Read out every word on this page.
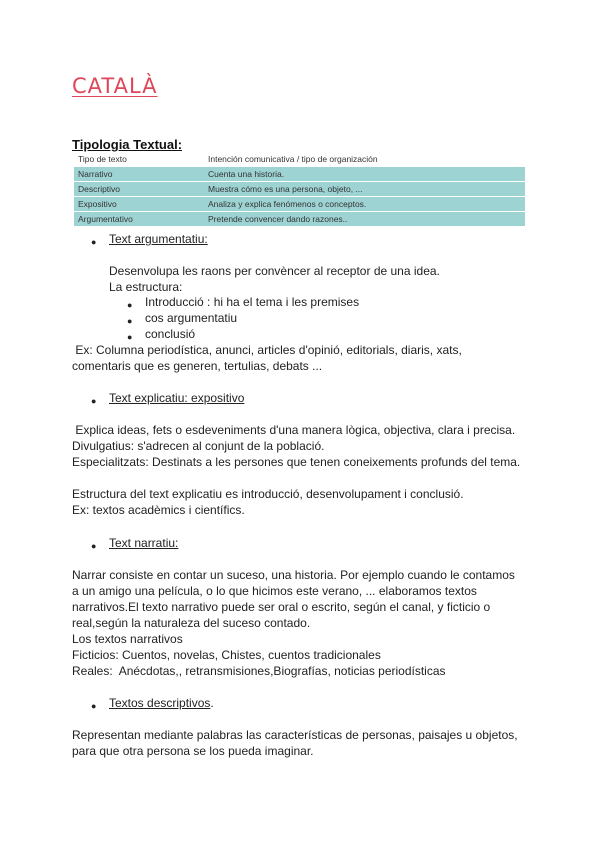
CATALÀ
Tipologia Textual:
Tipo de texto	Intención comunicativa / tipo de organización
Narrativo	Cuenta una historia.
Descriptivo	Muestra cómo es una persona, objeto, ...
Expositivo	Analiza y explica fenómenos o conceptos.
Argumentativo	Pretende convencer dando razones..
● Text argumentatiu:
Desenvolupa les raons per convèncer al receptor de una idea.
La estructura:
● Introducció : hi ha el tema i les premises
● cos argumentatiu
● conclusió
Ex: Columna periodística, anunci, articles d'opinió, editorials, diaris, xats,
comentaris que es generen, tertulias, debats ...
● Text explicatiu: expositivo
Explica ideas, fets o esdeveniments d'una manera lògica, objectiva, clara i precisa.
Divulgatius: s'adrecen al conjunt de la població.
Especialitzats: Destinats a les persones que tenen coneixements profunds del tema.
Estructura del text explicatiu es introducció, desenvolupament i conclusió.
Ex: textos acadèmics i científics.
● Text narratiu:
Narrar consiste en contar un suceso, una historia. Por ejemplo cuando le contamos
a un amigo una película, o lo que hicimos este verano, ... elaboramos textos
narrativos.El texto narrativo puede ser oral o escrito, según el canal, y ficticio o
real,según la naturaleza del suceso contado.
Los textos narrativos
Ficticios: Cuentos, novelas, Chistes, cuentos tradicionales
Reales:  Anécdotas,, retransmisiones,Biografías, noticias periodísticas
● Textos descriptivos.
Representan mediante palabras las características de personas, paisajes u objetos,
para que otra persona se los pueda imaginar.
